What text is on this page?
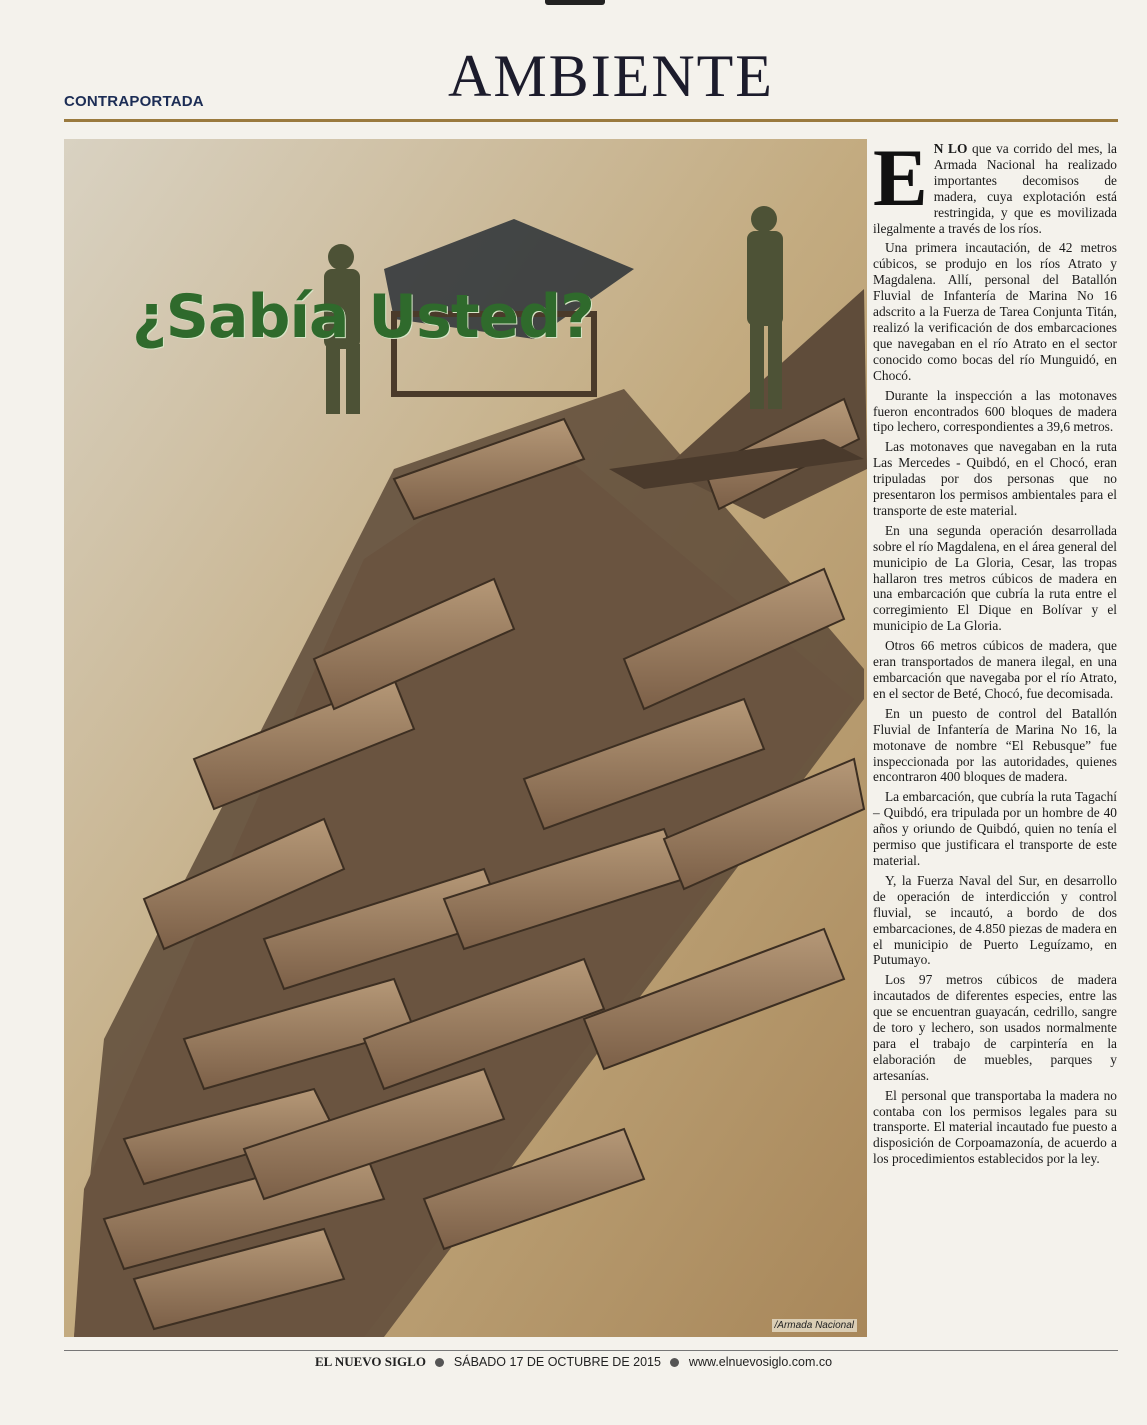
AMBIENTE
CONTRAPORTADA
¿Sabía Usted?
/Armada Nacional

E N LO que va corrido del mes, la Armada Nacional ha realizado importantes decomisos de madera, cuya explotación está restringida, y que es movilizada ilegalmente a través de los ríos.

Una primera incautación, de 42 metros cúbicos, se produjo en los ríos Atrato y Magdalena. Allí, personal del Batallón Fluvial de Infantería de Marina No 16 adscrito a la Fuerza de Tarea Conjunta Titán, realizó la verificación de dos embarcaciones que navegaban en el río Atrato en el sector conocido como bocas del río Munguidó, en Chocó.

Durante la inspección a las motonaves fueron encontrados 600 bloques de madera tipo lechero, correspondientes a 39,6 metros.

Las motonaves que navegaban en la ruta Las Mercedes - Quibdó, en el Chocó, eran tripuladas por dos personas que no presentaron los permisos ambientales para el transporte de este material.

En una segunda operación desarrollada sobre el río Magdalena, en el área general del municipio de La Gloria, Cesar, las tropas hallaron tres metros cúbicos de madera en una embarcación que cubría la ruta entre el corregimiento El Dique en Bolívar y el municipio de La Gloria.

Otros 66 metros cúbicos de madera, que eran transportados de manera ilegal, en una embarcación que navegaba por el río Atrato, en el sector de Beté, Chocó, fue decomisada.

En un puesto de control del Batallón Fluvial de Infantería de Marina No 16, la motonave de nombre “El Rebusque” fue inspeccionada por las autoridades, quienes encontraron 400 bloques de madera.

La embarcación, que cubría la ruta Tagachí – Quibdó, era tripulada por un hombre de 40 años y oriundo de Quibdó, quien no tenía el permiso que justificara el transporte de este material.

Y, la Fuerza Naval del Sur, en desarrollo de operación de interdicción y control fluvial, se incautó, a bordo de dos embarcaciones, de 4.850 piezas de madera en el municipio de Puerto Leguízamo, en Putumayo.

Los 97 metros cúbicos de madera incautados de diferentes especies, entre las que se encuentran guayacán, cedrillo, sangre de toro y lechero, son usados normalmente para el trabajo de carpintería en la elaboración de muebles, parques y artesanías.

El personal que transportaba la madera no contaba con los permisos legales para su transporte. El material incautado fue puesto a disposición de Corpoamazonía, de acuerdo a los procedimientos establecidos por la ley.

EL NUEVO SIGLO SÁBADO 17 DE OCTUBRE DE 2015 www.elnuevosiglo.com.co
